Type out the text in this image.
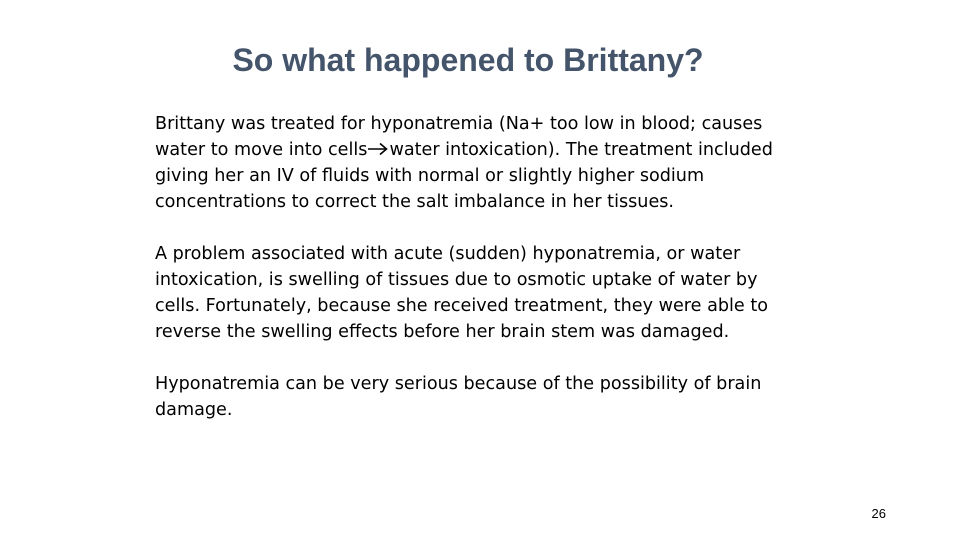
So what happened to Brittany?

Brittany was treated for hyponatremia (Na+ too low in blood; causes water to move into cells water intoxication). The treatment included giving her an IV of fluids with normal or slightly higher sodium concentrations to correct the salt imbalance in her tissues.

A problem associated with acute (sudden) hyponatremia, or water intoxication, is swelling of tissues due to osmotic uptake of water by cells. Fortunately, because she received treatment, they were able to reverse the swelling effects before her brain stem was damaged.

Hyponatremia can be very serious because of the possibility of brain damage.

26
